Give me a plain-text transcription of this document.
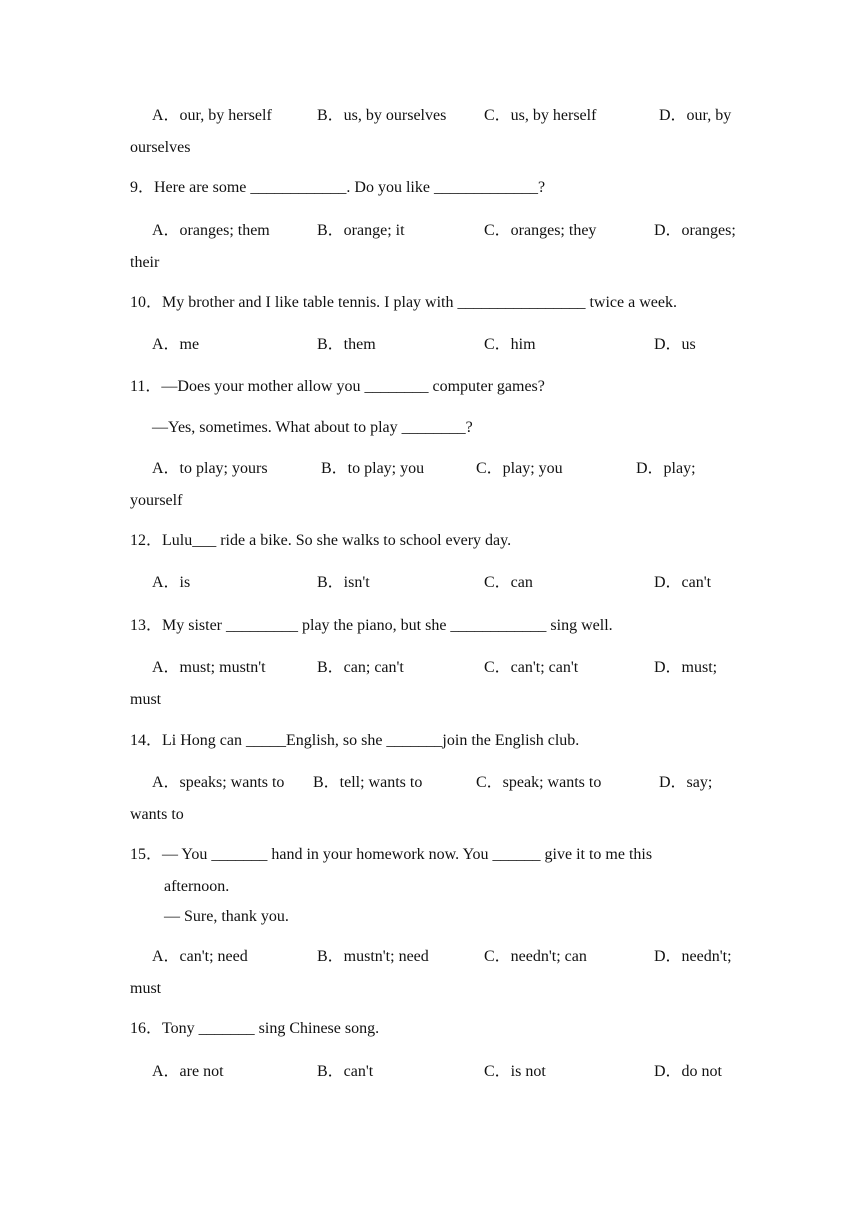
A．our, by herself	B．us, by ourselves C．us, by herself	D．our, by
ourselves
9．Here are some ____________. Do you like _____________?
A．oranges; them	B．orange; it	C．oranges; they	D．oranges;
their
10．My brother and I like table tennis. I play with ________________ twice a week.
A．me	B．them	C．him	D．us
11．—Does your mother allow you ________ computer games?
—Yes, sometimes. What about to play ________?
A．to play; yours	B．to play; you	C．play; you	D．play;
yourself
12．Lulu___ ride a bike. So she walks to school every day.
A．is	B．isn't	C．can	D．can't
13．My sister _________ play the piano, but she ____________ sing well.
A．must; mustn't	B．can; can't	C．can't; can't	D．must;
must
14．Li Hong can _____English, so she _______join the English club.
A．speaks; wants to B．tell; wants to	C．speak; wants to	D．say;
wants to
15．— You _______ hand in your homework now. You ______ give it to me this
afternoon.
— Sure, thank you.
A．can't; need	B．mustn't; need	C．needn't; can	D．needn't;
must
16．Tony _______ sing Chinese song.
A．are not	B．can't	C．is not	D．do not
